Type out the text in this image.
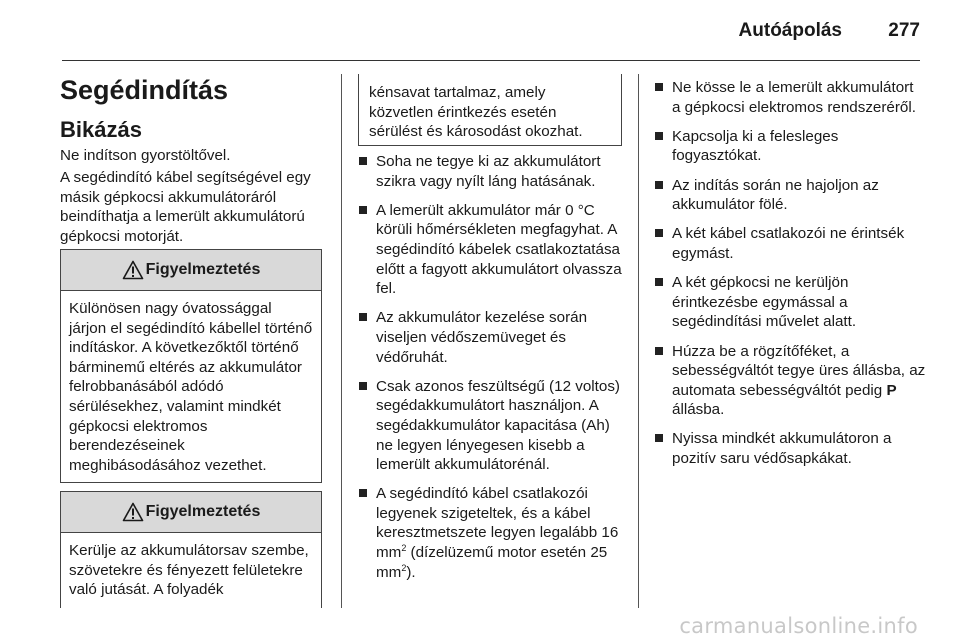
Autóápolás 277
Segédindítás
Bikázás

Ne indítson gyorstöltővel.

A segédindító kábel segítségével egy másik gépkocsi akkumulátoráról beindíthatja a lemerült akkumulátorú gépkocsi motorját.

Figyelmeztetés

Különösen nagy óvatossággal járjon el segédindító kábellel történő indításkor. A következőktől történő bárminemű eltérés az akkumulátor felrobbanásából adódó sérülésekhez, valamint mindkét gépkocsi elektromos berendezéseinek meghibásodásához vezethet.

Figyelmeztetés

Kerülje az akkumulátorsav szembe, szövetekre és fényezett felületekre való jutását. A folyadék

kénsavat tartalmaz, amely közvetlen érintkezés esetén sérülést és károsodást okozhat.

Soha ne tegye ki az akkumulátort szikra vagy nyílt láng hatásának.
A lemerült akkumulátor már 0 °C körüli hőmérsékleten megfagyhat. A segédindító kábelek csatlakoztatása előtt a fagyott akkumulátort olvassza fel.
Az akkumulátor kezelése során viseljen védőszemüveget és védőruhát.
Csak azonos feszültségű (12 voltos) segédakkumulátort használjon. A segédakkumulátor kapacitása (Ah) ne legyen lényegesen kisebb a lemerült akkumulátorénál.
A segédindító kábel csatlakozói legyenek szigeteltek, és a kábel keresztmetszete legyen legalább 16 $mm^2$ (dízelüzemű motor esetén 25 $mm^2$).
Ne kösse le a lemerült akkumulátort a gépkocsi elektromos rendszeréről.
Kapcsolja ki a felesleges fogyasztókat.
Az indítás során ne hajoljon az akkumulátor fölé.
A két kábel csatlakozói ne érintsék egymást.
A két gépkocsi ne kerüljön érintkezésbe egymással a segédindítási művelet alatt.
Húzza be a rögzítőféket, a sebességváltót tegye üres állásba, az automata sebességváltót pedig P állásba.
Nyissa mindkét akkumulátoron a pozitív saru védősapkákat.
carmanualsonline.info
